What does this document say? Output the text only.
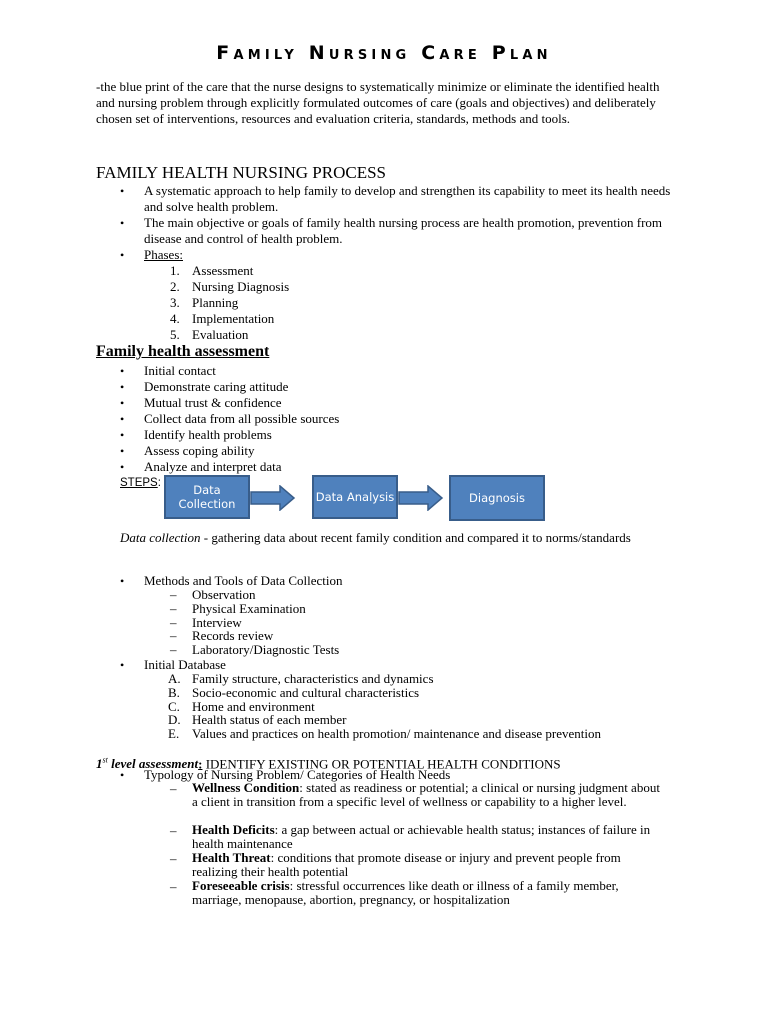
Family Nursing Care Plan
-the blue print of the care that the nurse designs to systematically minimize or eliminate the identified health and nursing problem through explicitly formulated outcomes of care (goals and objectives) and deliberately chosen set of interventions, resources and evaluation criteria, standards, methods and tools.
FAMILY HEALTH NURSING PROCESS
• A systematic approach to help family to develop and strengthen its capability to meet its health needs and solve health problem.
• The main objective or goals of family health nursing process are health promotion, prevention from disease and control of health problem.
• Phases:
1. Assessment
2. Nursing Diagnosis
3. Planning
4. Implementation
5. Evaluation
Family health assessment
• Initial contact
• Demonstrate caring attitude
• Mutual trust & confidence
• Collect data from all possible sources
• Identify health problems
• Assess coping ability
• Analyze and interpret data
STEPS:	Data Collection	Data Analysis	Diagnosis
Data collection - gathering data about recent family condition and compared it to norms/standards
• Methods and Tools of Data Collection
– Observation
– Physical Examination
– Interview
– Records review
– Laboratory/Diagnostic Tests
• Initial Database
A. Family structure, characteristics and dynamics
B. Socio-economic and cultural characteristics
C. Home and environment
D. Health status of each member
E. Values and practices on health promotion/ maintenance and disease prevention
1st level assessment: IDENTIFY EXISTING OR POTENTIAL HEALTH CONDITIONS
• Typology of Nursing Problem/ Categories of Health Needs
– Wellness Condition: stated as readiness or potential; a clinical or nursing judgment about a client in transition from a specific level of wellness or capability to a higher level.
– Health Deficits: a gap between actual or achievable health status; instances of failure in health maintenance
– Health Threat: conditions that promote disease or injury and prevent people from realizing their health potential
– Foreseeable crisis: stressful occurrences like death or illness of a family member, marriage, menopause, abortion, pregnancy, or hospitalization
